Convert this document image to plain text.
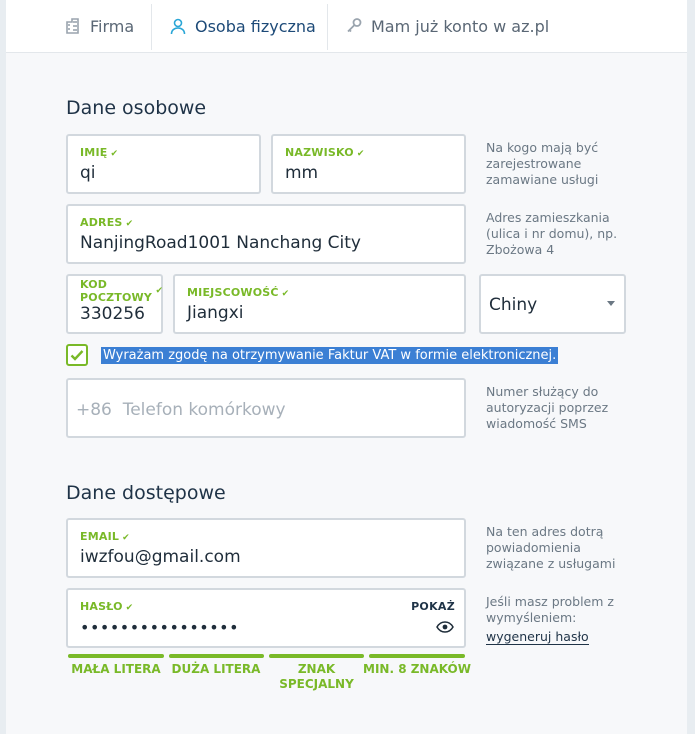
Firma	Osoba fizyczna	Mam już konto w az.pl
Dane osobowe
IMIĘ ✔
qi
NAZWISKO ✔
mm
Na kogo mają być zarejestrowane zamawiane usługi
ADRES ✔
NanjingRoad1001 Nanchang City
Adres zamieszkania (ulica i nr domu), np. Zbożowa 4
KOD POCZTOWY ✔
330256
MIEJSCOWOŚĆ ✔
Jiangxi	Chiny
Wyrażam zgodę na otrzymywanie Faktur VAT w formie elektronicznej.
+86 Telefon komórkowy
Numer służący do autoryzacji poprzez wiadomość SMS
Dane dostępowe
EMAIL ✔
iwzfou@gmail.com
Na ten adres dotrą powiadomienia związane z usługami
HASŁO ✔
••••••••••••••••
POKAŻ Jeśli masz problem z wymyśleniem:
wygeneruj hasło
MAŁA LITERA DUŻA LITERA	ZNAK SPECJALNY
MIN. 8 ZNAKÓW
